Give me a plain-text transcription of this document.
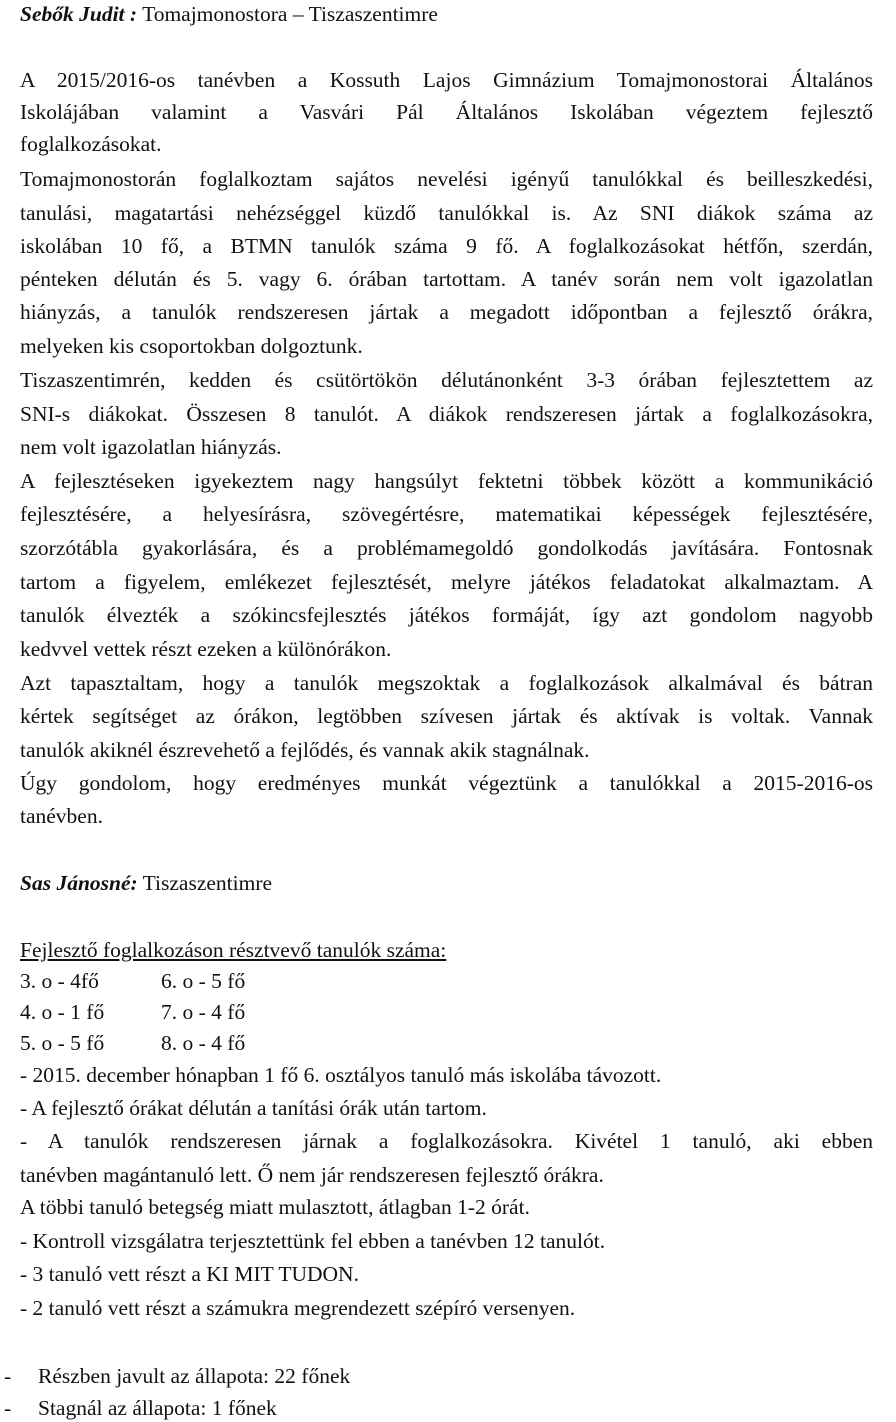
Sebők Judit : Tomajmonostora – Tiszaszentimre
A 2015/2016-os tanévben a Kossuth Lajos Gimnázium Tomajmonostorai Általános
Iskolájában valamint a Vasvári Pál Általános Iskolában végeztem fejlesztő
foglalkozásokat.
Tomajmonostorán foglalkoztam sajátos nevelési igényű tanulókkal és beilleszkedési,
tanulási, magatartási nehézséggel küzdő tanulókkal is. Az SNI diákok száma az
iskolában 10 fő, a BTMN tanulók száma 9 fő. A foglalkozásokat hétfőn, szerdán,
pénteken délután és 5. vagy 6. órában tartottam. A tanév során nem volt igazolatlan
hiányzás, a tanulók rendszeresen jártak a megadott időpontban a fejlesztő órákra,
melyeken kis csoportokban dolgoztunk.
Tiszaszentimrén, kedden és csütörtökön délutánonként 3-3 órában fejlesztettem az
SNI-s diákokat. Összesen 8 tanulót. A diákok rendszeresen jártak a foglalkozásokra,
nem volt igazolatlan hiányzás.
A fejlesztéseken igyekeztem nagy hangsúlyt fektetni többek között a kommunikáció
fejlesztésére, a helyesírásra, szövegértésre, matematikai képességek fejlesztésére,
szorzótábla gyakorlására, és a problémamegoldó gondolkodás javítására. Fontosnak
tartom a figyelem, emlékezet fejlesztését, melyre játékos feladatokat alkalmaztam. A
tanulók élvezték a szókincsfejlesztés játékos formáját, így azt gondolom nagyobb
kedvvel vettek részt ezeken a különórákon.
Azt tapasztaltam, hogy a tanulók megszoktak a foglalkozások alkalmával és bátran
kértek segítséget az órákon, legtöbben szívesen jártak és aktívak is voltak. Vannak
tanulók akiknél észrevehető a fejlődés, és vannak akik stagnálnak.
Úgy gondolom, hogy eredményes munkát végeztünk a tanulókkal a 2015-2016-os
tanévben.
Sas Jánosné: Tiszaszentimre
Fejlesztő foglalkozáson résztvevő tanulók száma:
3. o - 4fő	6. o - 5 fő
4. o - 1 fő	7. o - 4 fő
5. o - 5 fő	8. o - 4 fő
- 2015. december hónapban 1 fő 6. osztályos tanuló más iskolába távozott.
- A fejlesztő órákat délután a tanítási órák után tartom.
- A tanulók rendszeresen járnak a foglalkozásokra. Kivétel 1 tanuló, aki ebben
tanévben magántanuló lett. Ő nem jár rendszeresen fejlesztő órákra.
A többi tanuló betegség miatt mulasztott, átlagban 1-2 órát.
- Kontroll vizsgálatra terjesztettünk fel ebben a tanévben 12 tanulót.
- 3 tanuló vett részt a KI MIT TUDON.
- 2 tanuló vett részt a számukra megrendezett szépíró versenyen.
- Részben javult az állapota: 22 főnek
- Stagnál az állapota: 1 főnek
